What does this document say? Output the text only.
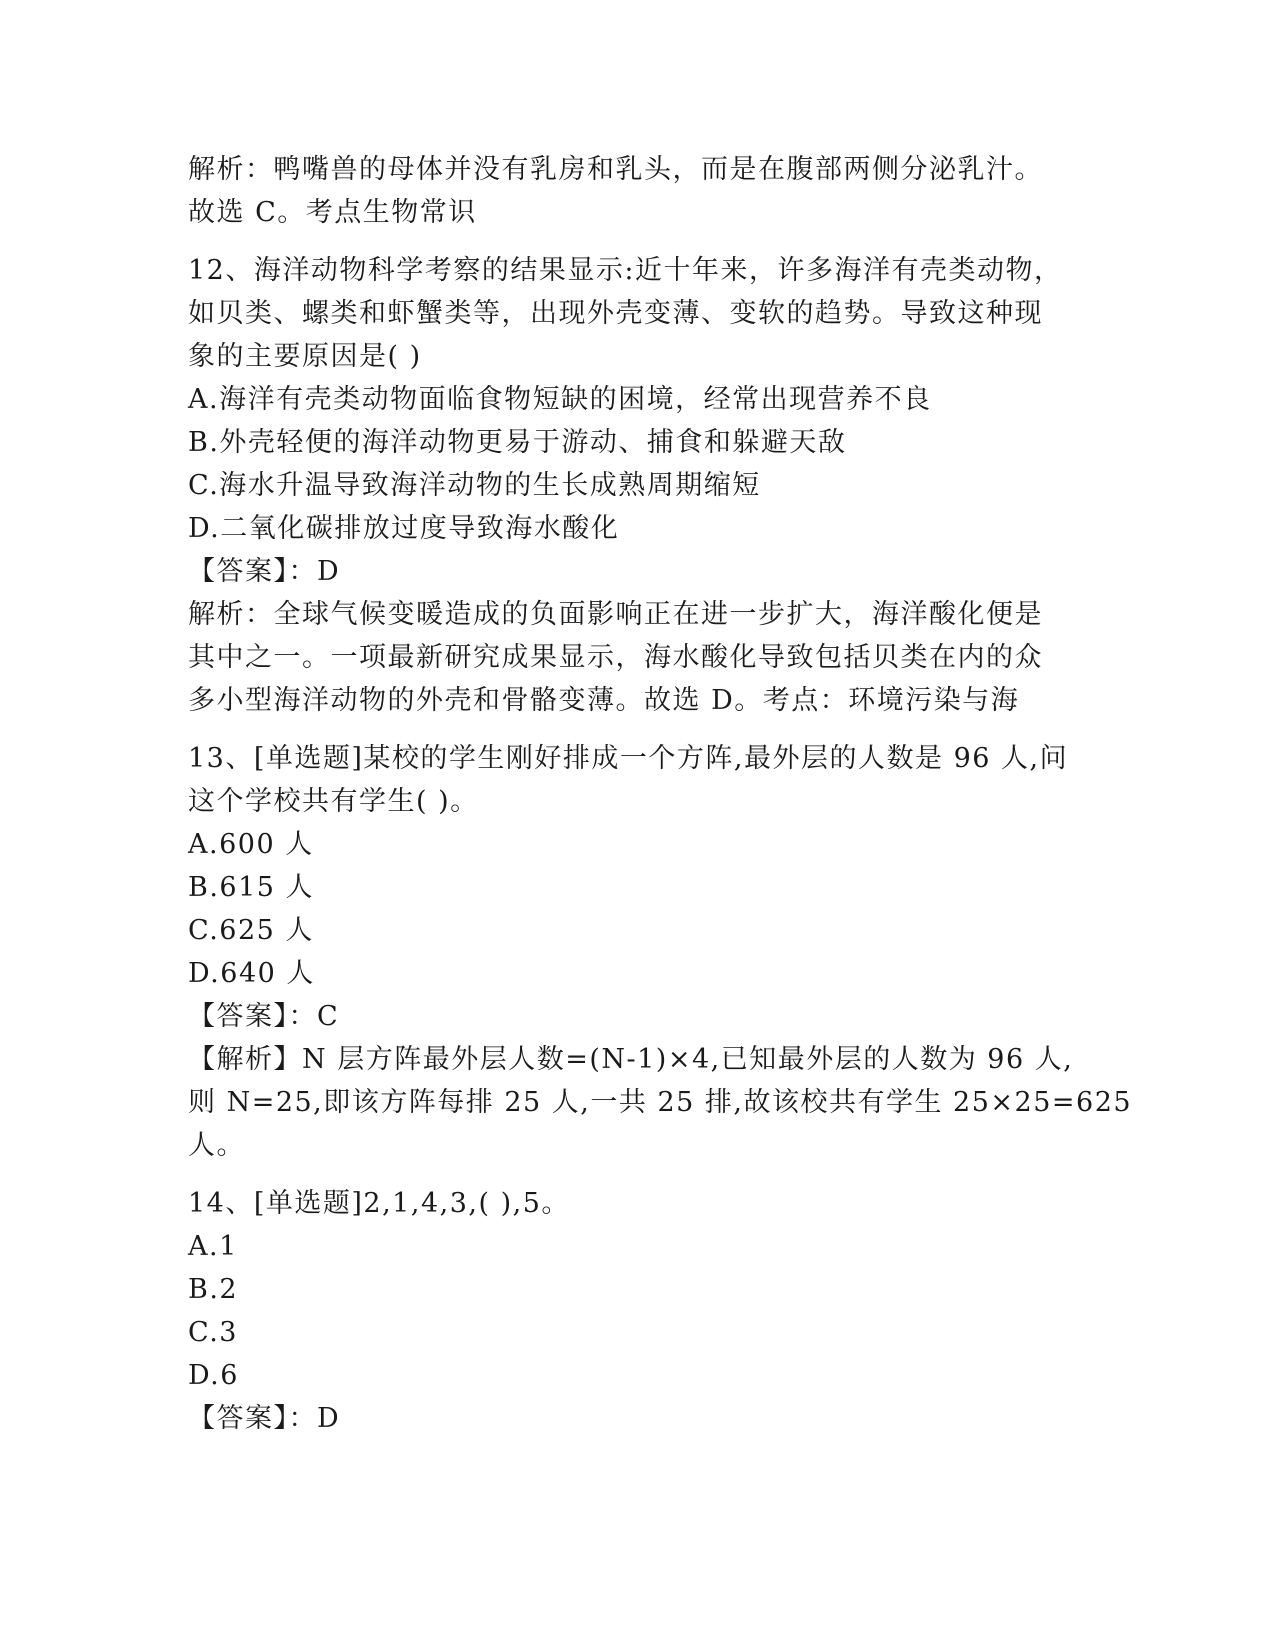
解析：鸭嘴兽的母体并没有乳房和乳头，而是在腹部两侧分泌乳汁。
故选 C。考点生物常识
12、海洋动物科学考察的结果显示:近十年来，许多海洋有壳类动物，
如贝类、螺类和虾蟹类等，出现外壳变薄、变软的趋势。导致这种现
象的主要原因是( )
A.海洋有壳类动物面临食物短缺的困境，经常出现营养不良
B.外壳轻便的海洋动物更易于游动、捕食和躲避天敌
C.海水升温导致海洋动物的生长成熟周期缩短
D.二氧化碳排放过度导致海水酸化
【答案】：D
解析：全球气候变暖造成的负面影响正在进一步扩大，海洋酸化便是
其中之一。一项最新研究成果显示，海水酸化导致包括贝类在内的众
多小型海洋动物的外壳和骨骼变薄。故选 D。考点：环境污染与海
13、[单选题]某校的学生刚好排成一个方阵,最外层的人数是 96 人,问
这个学校共有学生( )。
A.600 人
B.615 人
C.625 人
D.640 人
【答案】：C
【解析】N 层方阵最外层人数=(N-1)×4,已知最外层的人数为 96 人,
则 N=25,即该方阵每排 25 人,一共 25 排,故该校共有学生 25×25=625
人。
14、[单选题]2,1,4,3,( ),5。
A.1
B.2
C.3
D.6
【答案】：D
